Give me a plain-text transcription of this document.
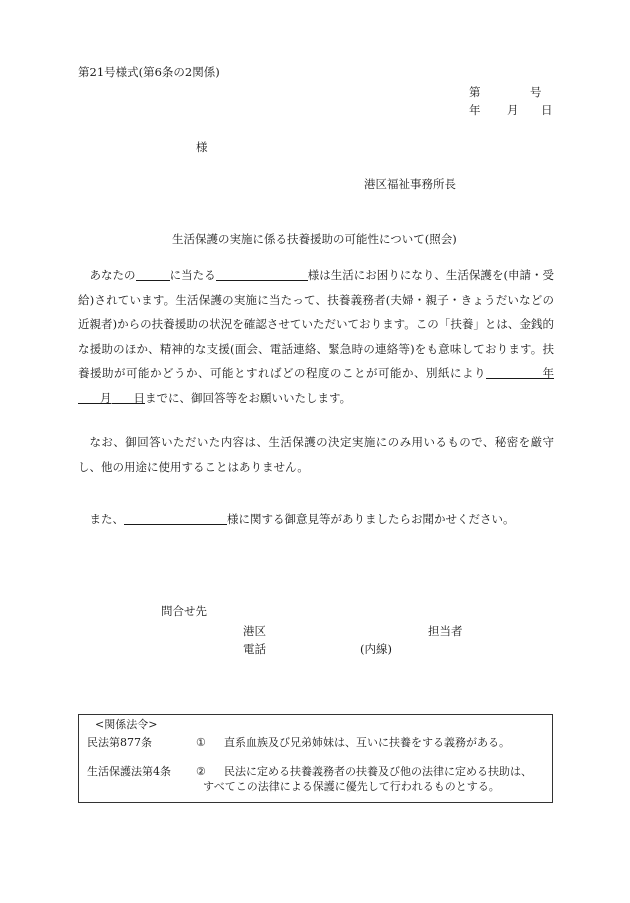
第21号様式(第6条の2関係)
第	号
年 月 日
様
港区福祉事務所長
生活保護の実施に係る扶養援助の可能性について(照会)
あなたの	に当たる	様は生活にお困りになり、生活保護を(申請・受給)されています。生活保護の実施に当たって、扶養義務者(夫婦・親子・きょうだいなどの近親者)からの扶養援助の状況を確認させていただいております。この「扶養」とは、金銭的な援助のほか、精神的な支援(面会、電話連絡、緊急時の連絡等)をも意味しております。扶養援助が可能かどうか、可能とすればどの程度のことが可能か、別紙により	年月 日までに、御回答等をお願いいたします。
なお、御回答いただいた内容は、生活保護の決定実施にのみ用いるもので、秘密を厳守し、他の用途に使用することはありません。
また、	様に関する御意見等がありましたらお聞かせください。
問合せ先
港区	担当者
電話	(内線)
<関係法令>
民法第877条	① 直系血族及び兄弟姉妹は、互いに扶養をする義務がある。
生活保護法第4条 ② 民法に定める扶養義務者の扶養及び他の法律に定める扶助は、
すべてこの法律による保護に優先して行われるものとする。
